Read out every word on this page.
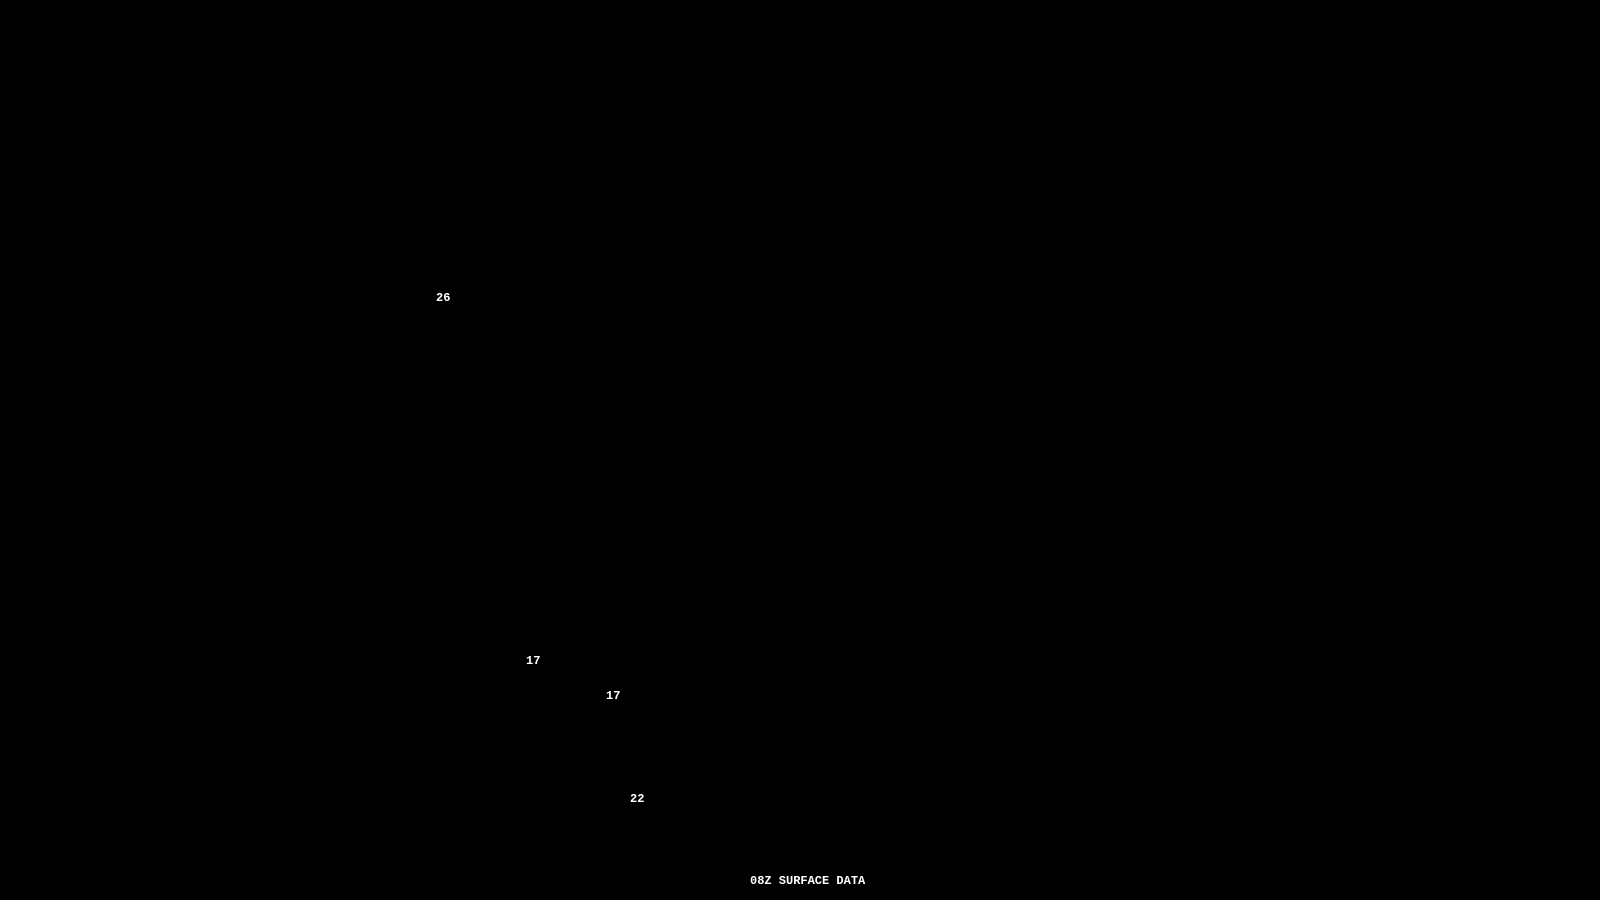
26
17
17
22
08Z SURFACE DATA
